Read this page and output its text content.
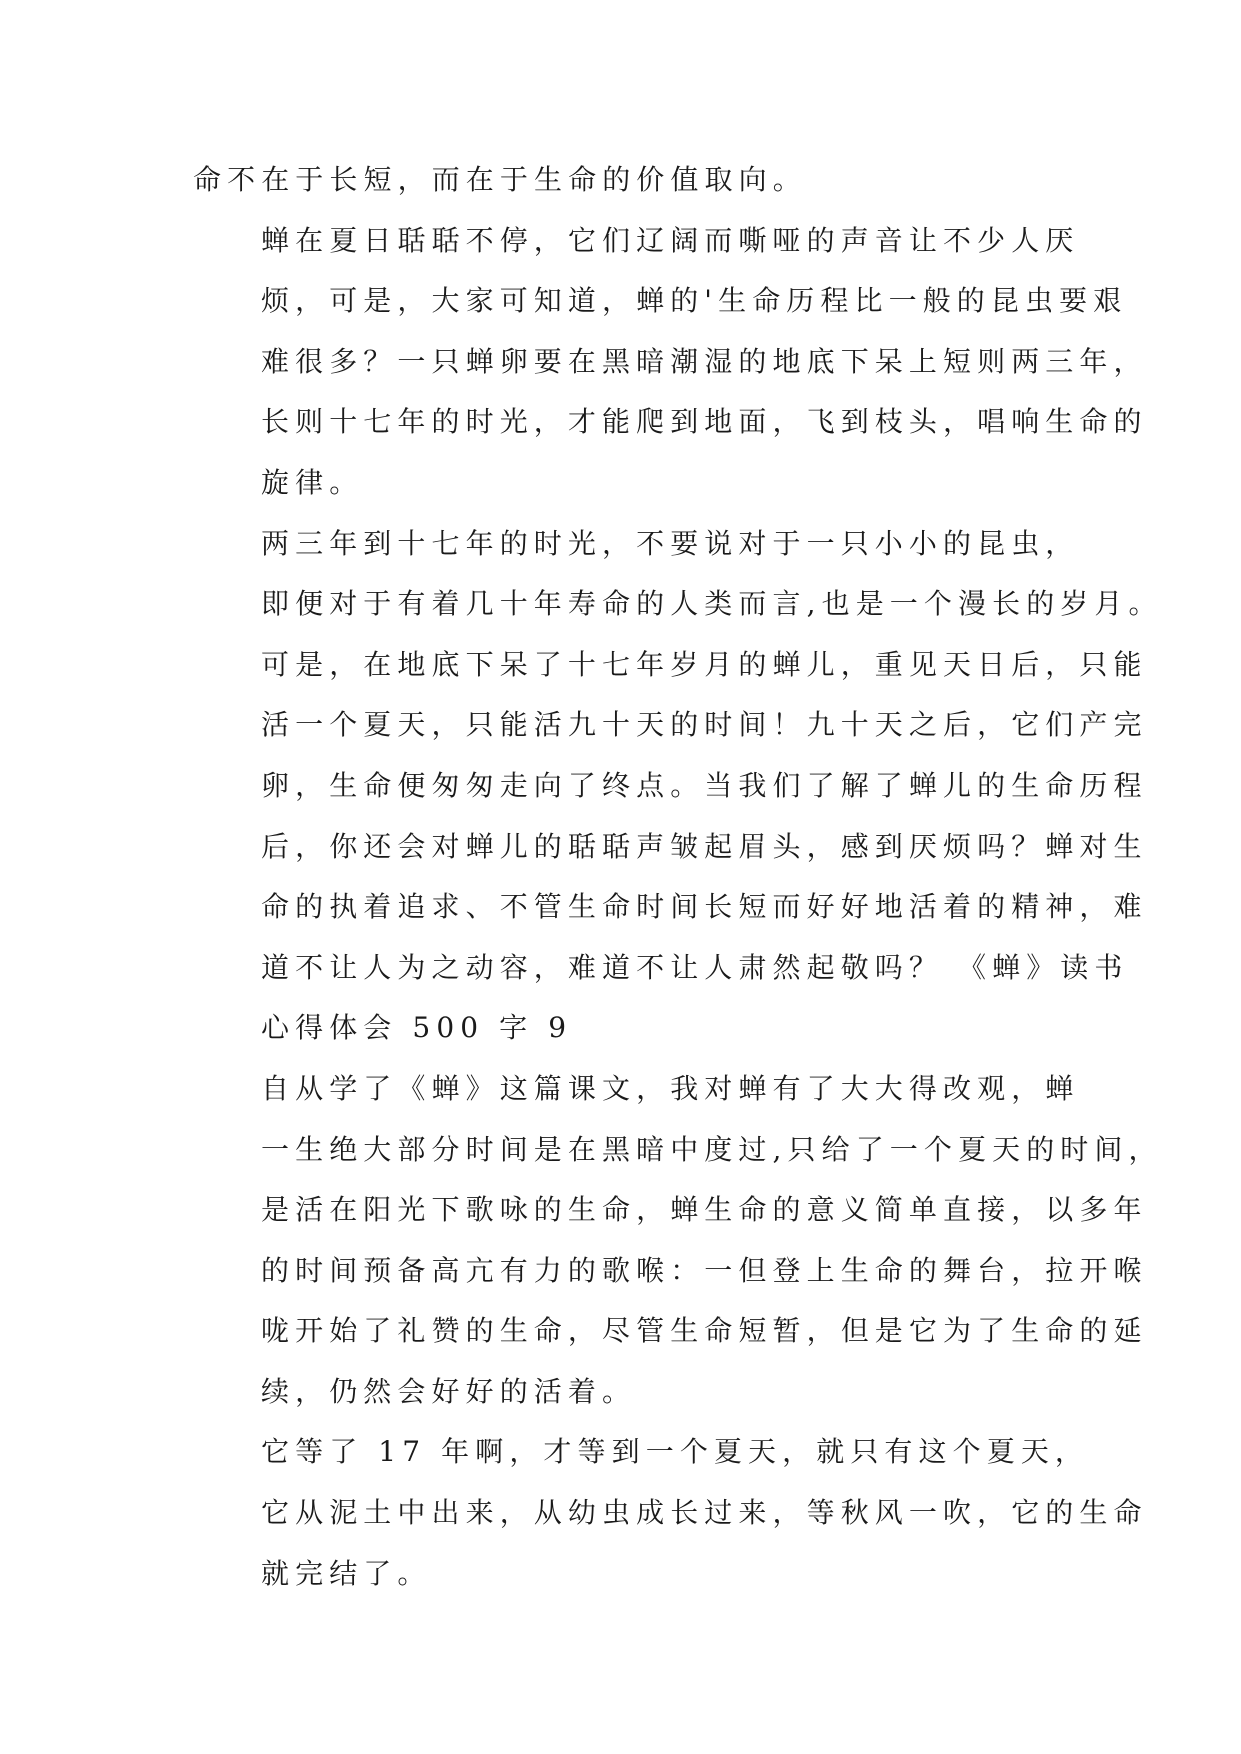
命不在于长短，而在于生命的价值取向。

蝉在夏日聒聒不停，它们辽阔而嘶哑的声音让不少人厌
烦，可是，大家可知道，蝉的'生命历程比一般的昆虫要艰
难很多？一只蝉卵要在黑暗潮湿的地底下呆上短则两三年，
长则十七年的时光，才能爬到地面，飞到枝头，唱响生命的
旋律。

两三年到十七年的时光，不要说对于一只小小的昆虫，
即便对于有着几十年寿命的人类而言,也是一个漫长的岁月。
可是，在地底下呆了十七年岁月的蝉儿，重见天日后，只能
活一个夏天，只能活九十天的时间！九十天之后，它们产完
卵，生命便匆匆走向了终点。当我们了解了蝉儿的生命历程
后，你还会对蝉儿的聒聒声皱起眉头，感到厌烦吗？蝉对生
命的执着追求、不管生命时间长短而好好地活着的精神，难
道不让人为之动容，难道不让人肃然起敬吗？ 《蝉》读书
心得体会 500 字 9

自从学了《蝉》这篇课文，我对蝉有了大大得改观，蝉
一生绝大部分时间是在黑暗中度过,只给了一个夏天的时间，
是活在阳光下歌咏的生命，蝉生命的意义简单直接，以多年
的时间预备高亢有力的歌喉：一但登上生命的舞台，拉开喉
咙开始了礼赞的生命，尽管生命短暂，但是它为了生命的延
续，仍然会好好的活着。

它等了 17 年啊，才等到一个夏天，就只有这个夏天，
它从泥土中出来，从幼虫成长过来，等秋风一吹，它的生命
就完结了。
